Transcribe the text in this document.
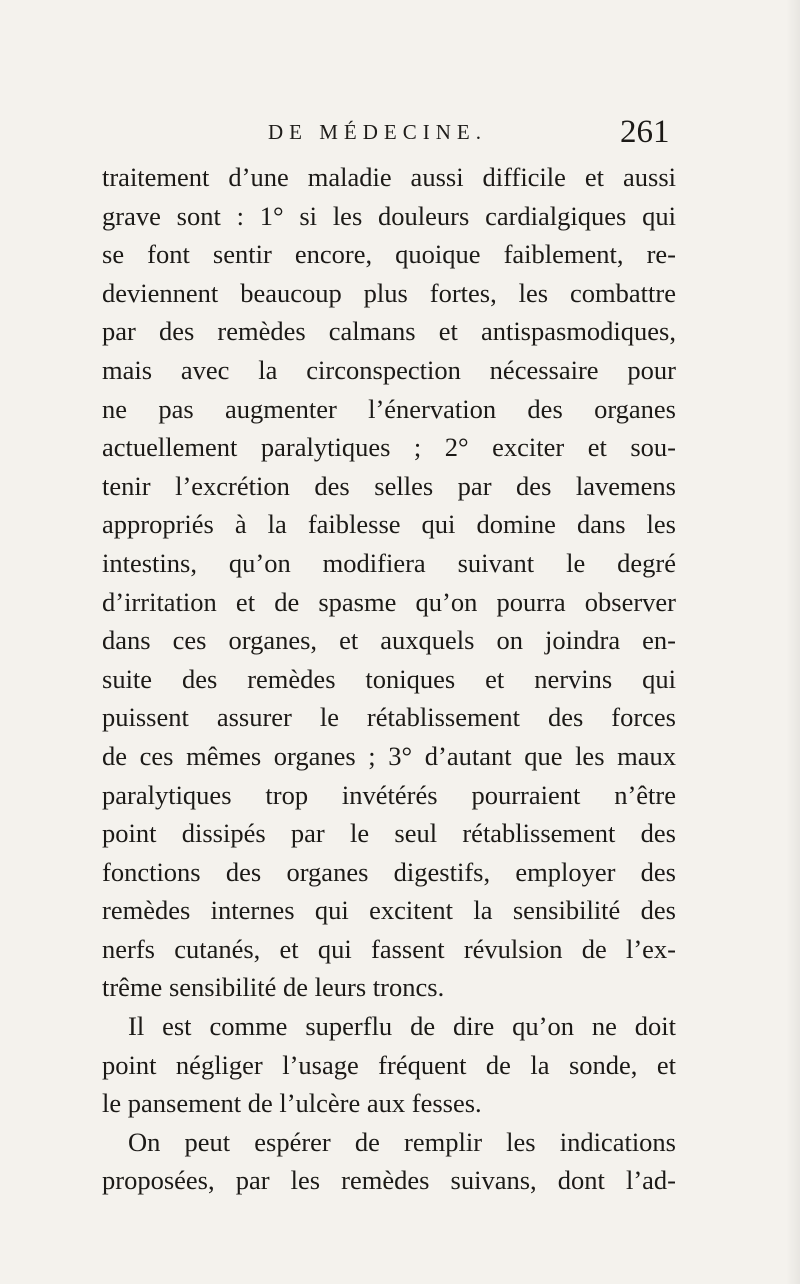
DE MÉDECINE.	261
traitement d’une maladie aussi difficile et aussi
grave sont : 1° si les douleurs cardialgiques qui
se font sentir encore, quoique faiblement, re-
deviennent beaucoup plus fortes, les combattre
par des remèdes calmans et antispasmodiques,
mais avec la circonspection nécessaire pour
ne pas augmenter l’énervation des organes
actuellement paralytiques ; 2° exciter et sou-
tenir l’excrétion des selles par des lavemens
appropriés à la faiblesse qui domine dans les
intestins, qu’on modifiera suivant le degré
d’irritation et de spasme qu’on pourra observer
dans ces organes, et auxquels on joindra en-
suite des remèdes toniques et nervins qui
puissent assurer le rétablissement des forces
de ces mêmes organes ; 3° d’autant que les maux
paralytiques trop invétérés pourraient n’être
point dissipés par le seul rétablissement des
fonctions des organes digestifs, employer des
remèdes internes qui excitent la sensibilité des
nerfs cutanés, et qui fassent révulsion de l’ex-
trême sensibilité de leurs troncs.
Il est comme superflu de dire qu’on ne doit
point négliger l’usage fréquent de la sonde, et
le pansement de l’ulcère aux fesses.
On peut espérer de remplir les indications
proposées, par les remèdes suivans, dont l’ad-
